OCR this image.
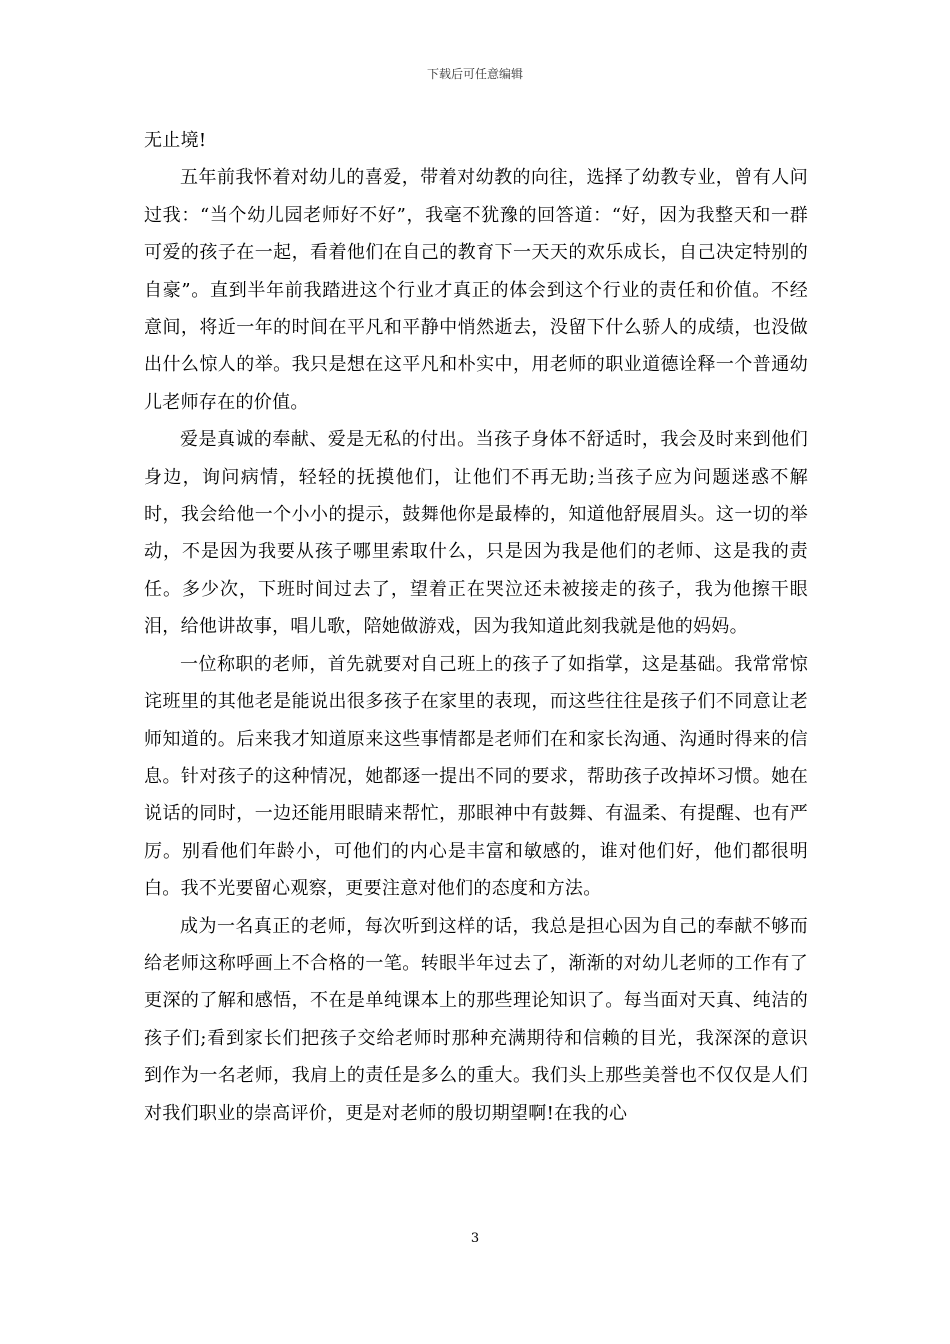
下载后可任意编辑

无止境!

五年前我怀着对幼儿的喜爱，带着对幼教的向往，选择了幼教专业，曾有人问过我：“当个幼儿园老师好不好”，我毫不犹豫的回答道：“好，因为我整天和一群可爱的孩子在一起，看着他们在自己的教育下一天天的欢乐成长，自己决定特别的自豪”。直到半年前我踏进这个行业才真正的体会到这个行业的责任和价值。不经意间，将近一年的时间在平凡和平静中悄然逝去，没留下什么骄人的成绩，也没做出什么惊人的举。我只是想在这平凡和朴实中，用老师的职业道德诠释一个普通幼儿老师存在的价值。

爱是真诚的奉献、爱是无私的付出。当孩子身体不舒适时，我会及时来到他们身边，询问病情，轻轻的抚摸他们，让他们不再无助;当孩子应为问题迷惑不解时，我会给他一个小小的提示，鼓舞他你是最棒的，知道他舒展眉头。这一切的举动，不是因为我要从孩子哪里索取什么，只是因为我是他们的老师、这是我的责任。多少次，下班时间过去了，望着正在哭泣还未被接走的孩子，我为他擦干眼泪，给他讲故事，唱儿歌，陪她做游戏，因为我知道此刻我就是他的妈妈。

一位称职的老师，首先就要对自己班上的孩子了如指掌，这是基础。我常常惊诧班里的其他老是能说出很多孩子在家里的表现，而这些往往是孩子们不同意让老师知道的。后来我才知道原来这些事情都是老师们在和家长沟通、沟通时得来的信息。针对孩子的这种情况，她都逐一提出不同的要求，帮助孩子改掉坏习惯。她在说话的同时，一边还能用眼睛来帮忙，那眼神中有鼓舞、有温柔、有提醒、也有严厉。别看他们年龄小，可他们的内心是丰富和敏感的，谁对他们好，他们都很明白。我不光要留心观察，更要注意对他们的态度和方法。

成为一名真正的老师，每次听到这样的话，我总是担心因为自己的奉献不够而给老师这称呼画上不合格的一笔。转眼半年过去了，渐渐的对幼儿老师的工作有了更深的了解和感悟，不在是单纯课本上的那些理论知识了。每当面对天真、纯洁的孩子们;看到家长们把孩子交给老师时那种充满期待和信赖的目光，我深深的意识到作为一名老师，我肩上的责任是多么的重大。我们头上那些美誉也不仅仅是人们对我们职业的崇高评价，更是对老师的殷切期望啊!在我的心

3
